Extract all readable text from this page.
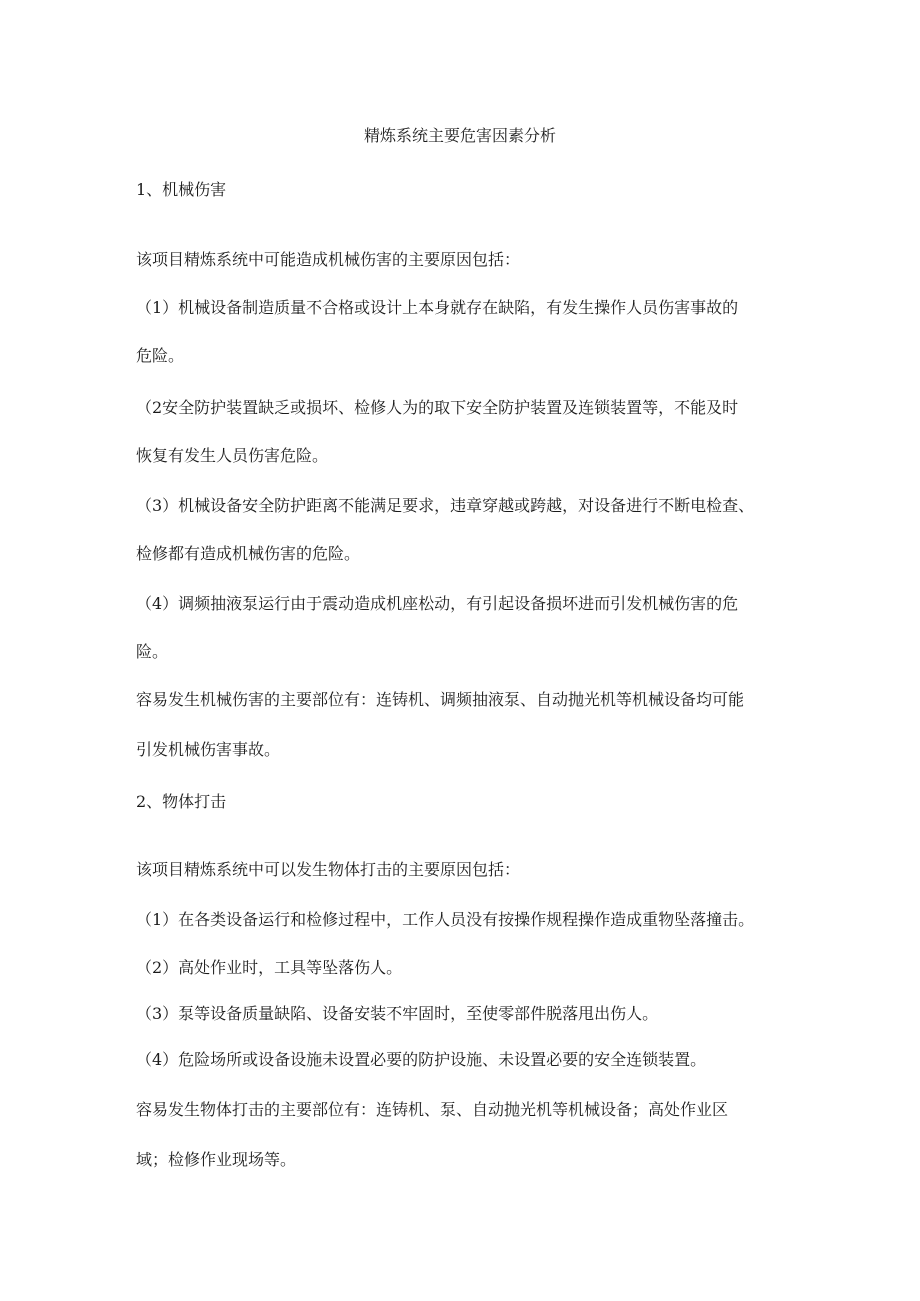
精炼系统主要危害因素分析
1、机械伤害
该项目精炼系统中可能造成机械伤害的主要原因包括：
（1）机械设备制造质量不合格或设计上本身就存在缺陷，有发生操作人员伤害事故的
危险。
（2安全防护装置缺乏或损坏、检修人为的取下安全防护装置及连锁装置等，不能及时
恢复有发生人员伤害危险。
（3）机械设备安全防护距离不能满足要求，违章穿越或跨越，对设备进行不断电检查、
检修都有造成机械伤害的危险。
（4）调频抽液泵运行由于震动造成机座松动，有引起设备损坏进而引发机械伤害的危
险。
容易发生机械伤害的主要部位有：连铸机、调频抽液泵、自动抛光机等机械设备均可能
引发机械伤害事故。
2、物体打击
该项目精炼系统中可以发生物体打击的主要原因包括：
（1）在各类设备运行和检修过程中，工作人员没有按操作规程操作造成重物坠落撞击。
（2）高处作业时，工具等坠落伤人。
（3）泵等设备质量缺陷、设备安装不牢固时，至使零部件脱落甩出伤人。
（4）危险场所或设备设施未设置必要的防护设施、未设置必要的安全连锁装置。
容易发生物体打击的主要部位有：连铸机、泵、自动抛光机等机械设备；高处作业区
域；检修作业现场等。
